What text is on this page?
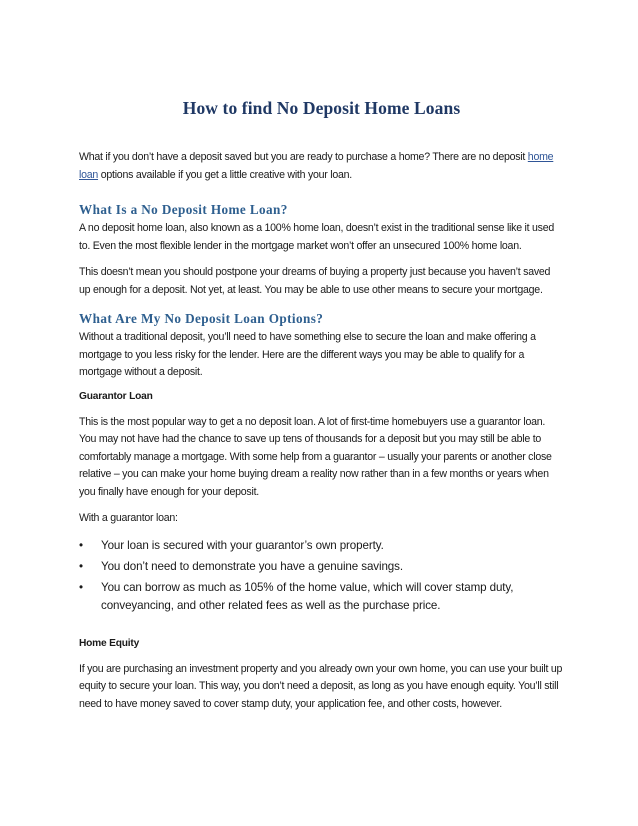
How to find No Deposit Home Loans

What if you don’t have a deposit saved but you are ready to purchase a home? There are no deposit home loan options available if you get a little creative with your loan.

What Is a No Deposit Home Loan?

A no deposit home loan, also known as a 100% home loan, doesn’t exist in the traditional sense like it used to. Even the most flexible lender in the mortgage market won’t offer an unsecured 100% home loan.

This doesn’t mean you should postpone your dreams of buying a property just because you haven’t saved up enough for a deposit. Not yet, at least. You may be able to use other means to secure your mortgage.

What Are My No Deposit Loan Options?

Without a traditional deposit, you’ll need to have something else to secure the loan and make offering a mortgage to you less risky for the lender. Here are the different ways you may be able to qualify for a mortgage without a deposit.

Guarantor Loan

This is the most popular way to get a no deposit loan. A lot of first-time homebuyers use a guarantor loan. You may not have had the chance to save up tens of thousands for a deposit but you may still be able to comfortably manage a mortgage. With some help from a guarantor – usually your parents or another close relative – you can make your home buying dream a reality now rather than in a few months or years when you finally have enough for your deposit.

With a guarantor loan:

• Your loan is secured with your guarantor’s own property.
• You don’t need to demonstrate you have a genuine savings.
• You can borrow as much as 105% of the home value, which will cover stamp duty, conveyancing, and other related fees as well as the purchase price.
Home Equity

If you are purchasing an investment property and you already own your own home, you can use your built up equity to secure your loan. This way, you don’t need a deposit, as long as you have enough equity. You’ll still need to have money saved to cover stamp duty, your application fee, and other costs, however.
